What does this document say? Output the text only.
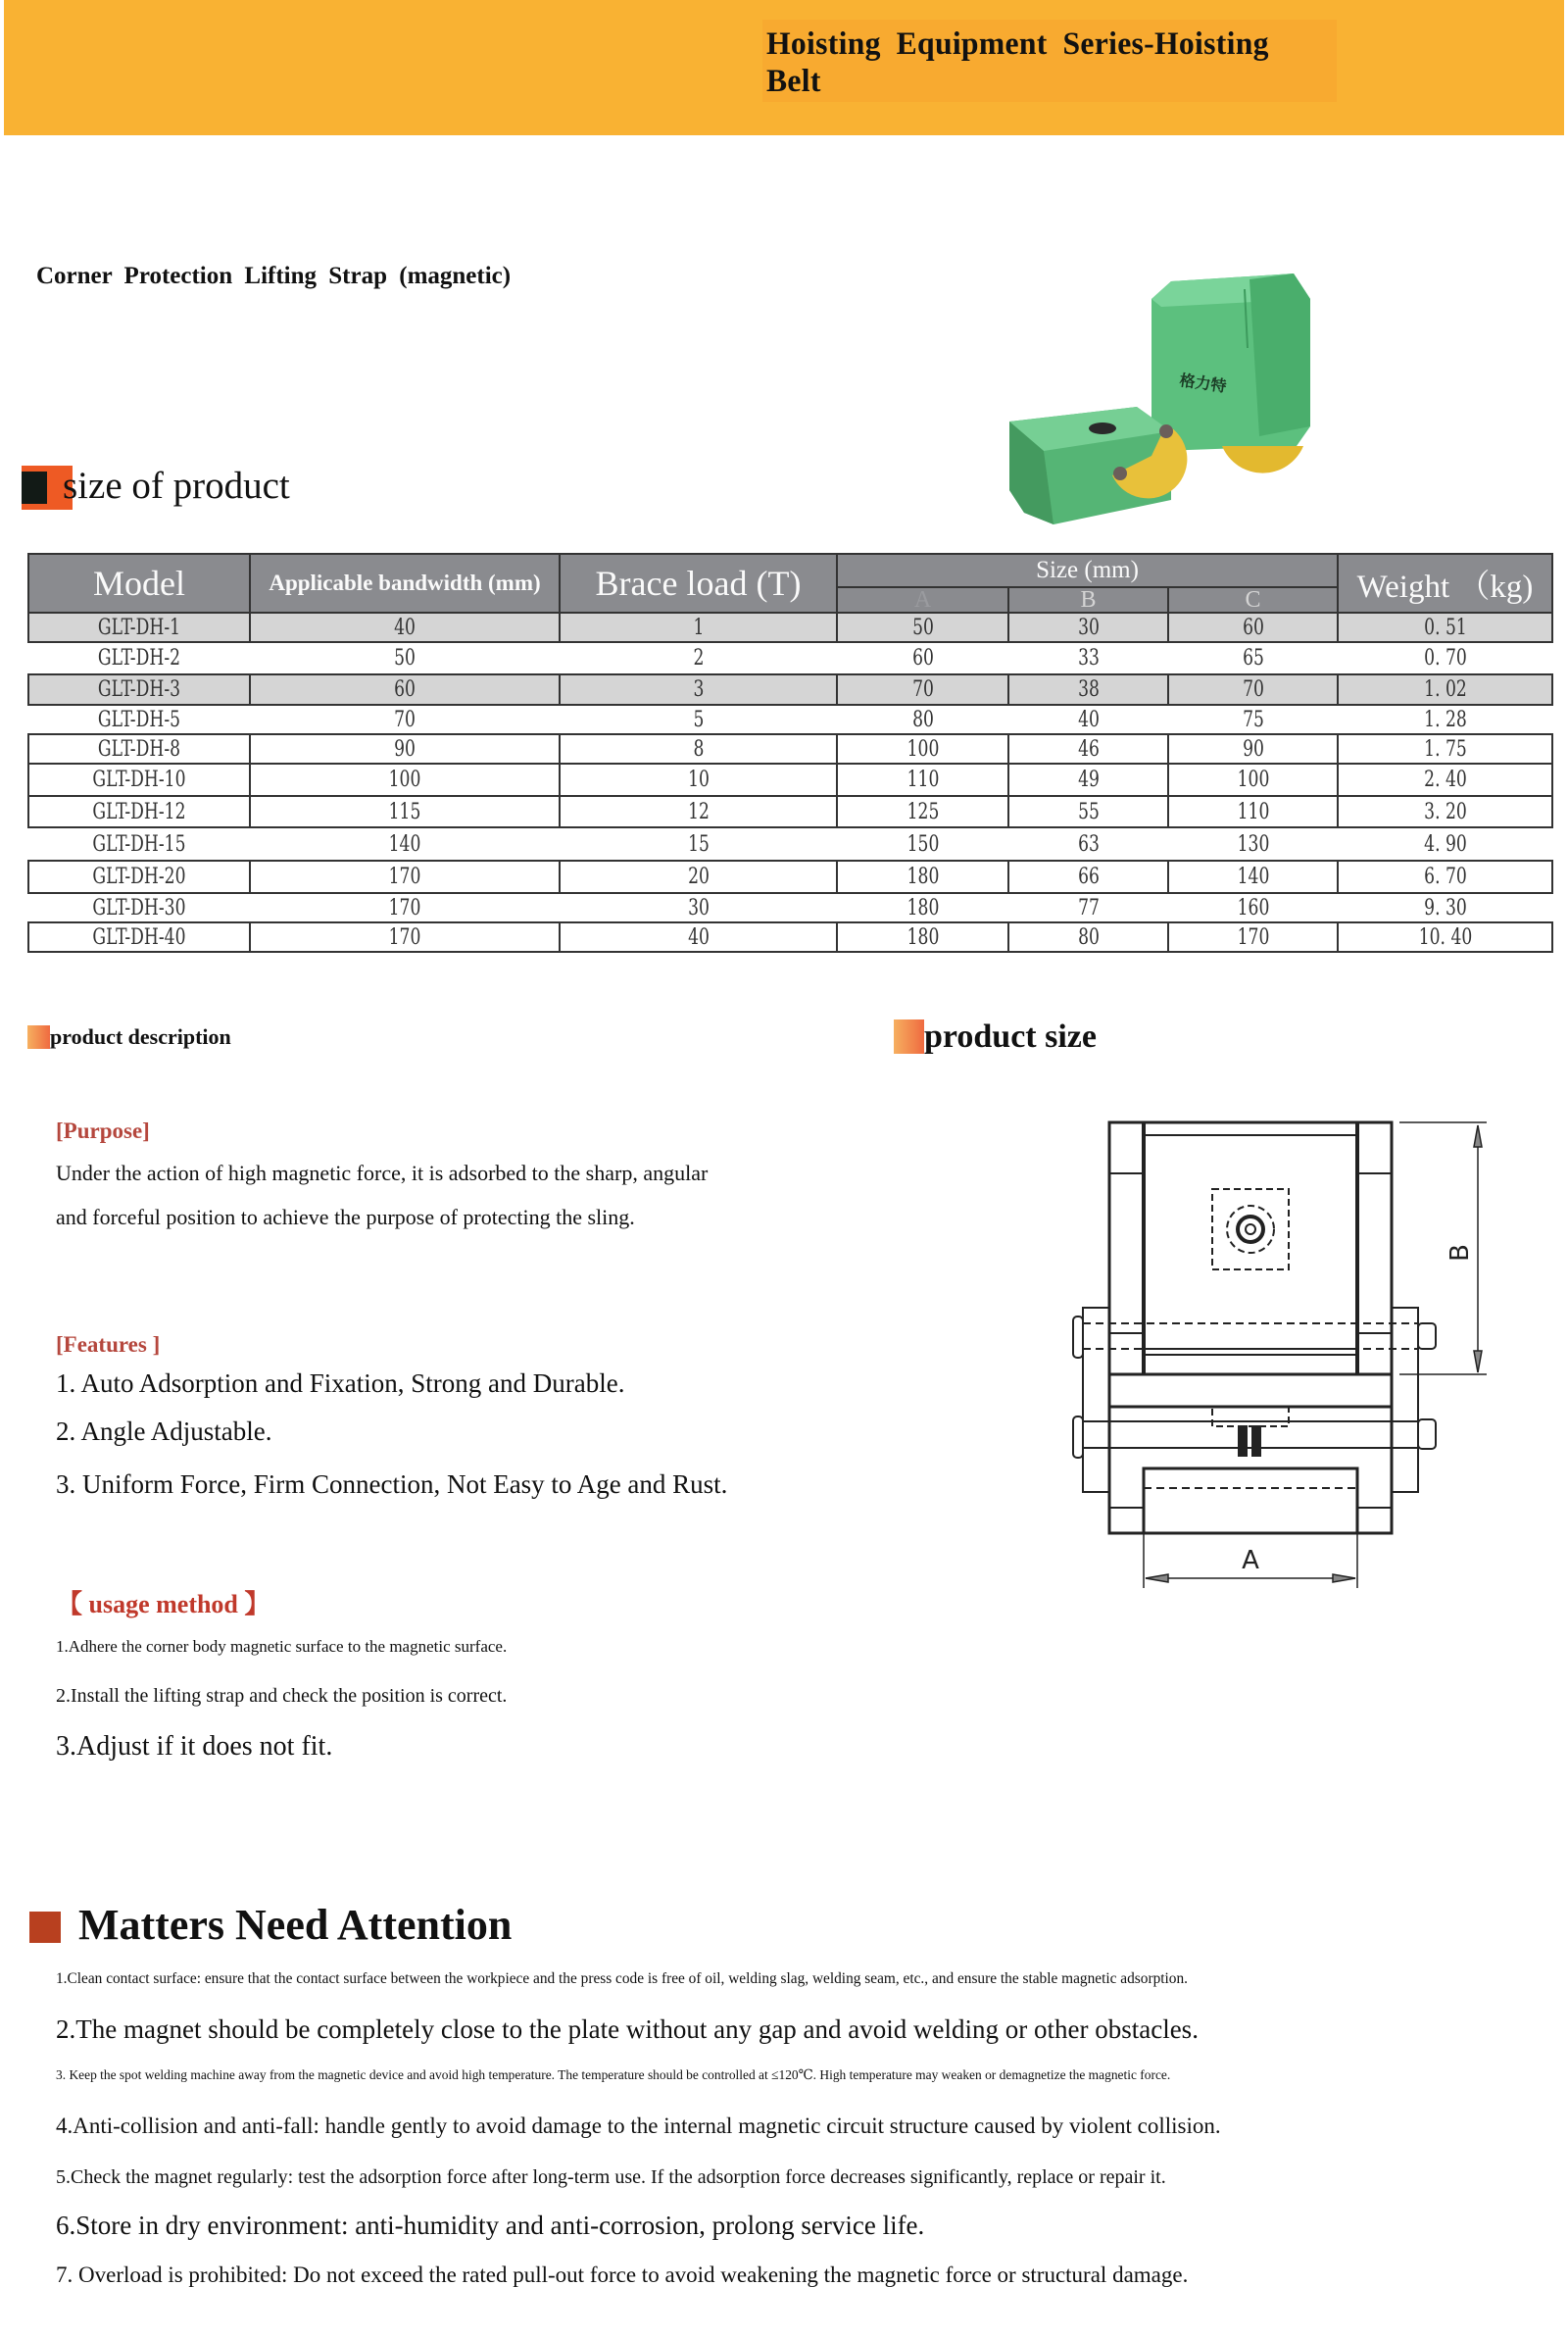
Hoisting Equipment Series-Hoisting Belt
Corner Protection Lifting Strap (magnetic)
格力特
size of product
Model	Applicable bandwidth (mm)	Brace load (T)	Size (mm)			Weight （kg)
			A	B	C	
GLT-DH-1	40	1	50	30	60	0. 51
GLT-DH-2	50	2	60	33	65	0. 70
GLT-DH-3	60	3	70	38	70	1. 02
GLT-DH-5	70	5	80	40	75	1. 28
GLT-DH-8	90	8	100	46	90	1. 75
GLT-DH-10	100	10	110	49	100	2. 40
GLT-DH-12	115	12	125	55	110	3. 20
GLT-DH-15	140	15	150	63	130	4. 90
GLT-DH-20	170	20	180	66	140	6. 70
GLT-DH-30	170	30	180	77	160	9. 30
GLT-DH-40	170	40	180	80	170	10. 40
product description	product size
[Purpose]
Under the action of high magnetic force, it is adsorbed to the sharp, angular
and forceful position to achieve the purpose of protecting the sling.
[Features ]
1. Auto Adsorption and Fixation, Strong and Durable.
2. Angle Adjustable.
3. Uniform Force, Firm Connection, Not Easy to Age and Rust.
【 usage method 】
1.Adhere the corner body magnetic surface to the magnetic surface.
2.Install the lifting strap and check the position is correct.
3.Adjust if it does not fit.
B
A
Matters Need Attention
1.Clean contact surface: ensure that the contact surface between the workpiece and the press code is free of oil, welding slag, welding seam, etc., and ensure the stable magnetic adsorption.
2.The magnet should be completely close to the plate without any gap and avoid welding or other obstacles.
3. Keep the spot welding machine away from the magnetic device and avoid high temperature. The temperature should be controlled at ≤120℃. High temperature may weaken or demagnetize the magnetic force.
4.Anti-collision and anti-fall: handle gently to avoid damage to the internal magnetic circuit structure caused by violent collision.
5.Check the magnet regularly: test the adsorption force after long-term use. If the adsorption force decreases significantly, replace or repair it.
6.Store in dry environment: anti-humidity and anti-corrosion, prolong service life.
7. Overload is prohibited: Do not exceed the rated pull-out force to avoid weakening the magnetic force or structural damage.
